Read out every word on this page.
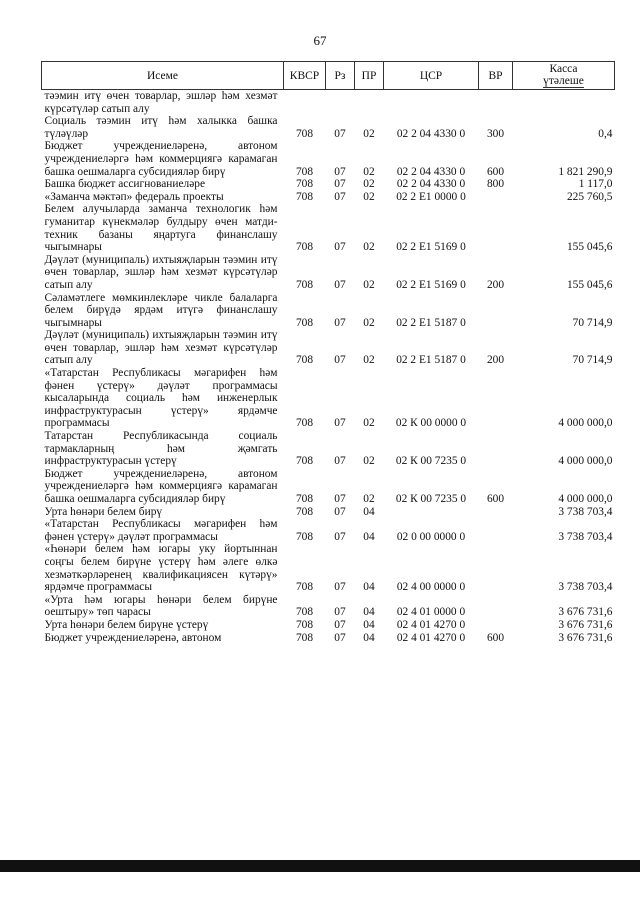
67
Исеме	КВСР	Рз	ПР	ЦСР	ВР	Касса
үтәлеше
тәэмин итү өчен товарлар, эшләр һәм хезмәт күрсәтүләр сатып алу						
Социаль тәэмин итү һәм халыкка башка түләүләр	708	07	02	02 2 04 4330 0	300	0,4
Бюджет учреждениеләренә, автоном учреждениеләргә һәм коммерциягә карамаган башка оешмаларга субсидияләр бирү	708	07	02	02 2 04 4330 0	600	1 821 290,9
Башка бюджет ассигнованиеләре	708	07	02	02 2 04 4330 0	800	1 117,0
«Заманча мәктәп» федераль проекты	708	07	02	02 2 E1 0000 0		225 760,5
Белем алучыларда заманча технологик һәм гуманитар күнекмәләр булдыру өчен матди-техник базаны яңартуга финанслашу чыгымнары	708	07	02	02 2 E1 5169 0		155 045,6
Дәүләт (муниципаль) ихтыяҗларын тәэмин итү өчен товарлар, эшләр һәм хезмәт күрсәтүләр сатып алу	708	07	02	02 2 E1 5169 0	200	155 045,6
Сәламәтлеге мөмкинлекләре чикле балаларга белем бирүдә ярдәм итүгә финанслашу чыгымнары	708	07	02	02 2 E1 5187 0		70 714,9
Дәүләт (муниципаль) ихтыяҗларын тәэмин итү өчен товарлар, эшләр һәм хезмәт күрсәтүләр сатып алу	708	07	02	02 2 E1 5187 0	200	70 714,9
«Татарстан Республикасы мәгарифен һәм фәнен үстерү» дәүләт программасы кысаларында социаль һәм инженерлык инфраструктурасын үстерү» ярдәмче программасы	708	07	02	02 К 00 0000 0		4 000 000,0
Татарстан Республикасында социаль тармакларның һәм җәмгать инфраструктурасын үстерү	708	07	02	02 К 00 7235 0		4 000 000,0
Бюджет учреждениеләренә, автоном учреждениеләргә һәм коммерциягә карамаган башка оешмаларга субсидияләр бирү	708	07	02	02 К 00 7235 0	600	4 000 000,0
Урта һөнәри белем бирү	708	07	04			3 738 703,4
«Татарстан Республикасы мәгарифен һәм фәнен үстерү» дәүләт программасы	708	07	04	02 0 00 0000 0		3 738 703,4
«Һөнәри белем һәм югары уку йортыннан соңгы белем бирүне үстерү һәм әлеге өлкә хезмәткәрләренең квалификациясен күтәрү» ярдәмче программасы	708	07	04	02 4 00 0000 0		3 738 703,4
«Урта һәм югары һөнәри белем бирүне оештыру» төп чарасы	708	07	04	02 4 01 0000 0		3 676 731,6
Урта һөнәри белем бирүне үстерү	708	07	04	02 4 01 4270 0		3 676 731,6
Бюджет учреждениеләренә, автоном	708	07	04	02 4 01 4270 0	600	3 676 731,6
